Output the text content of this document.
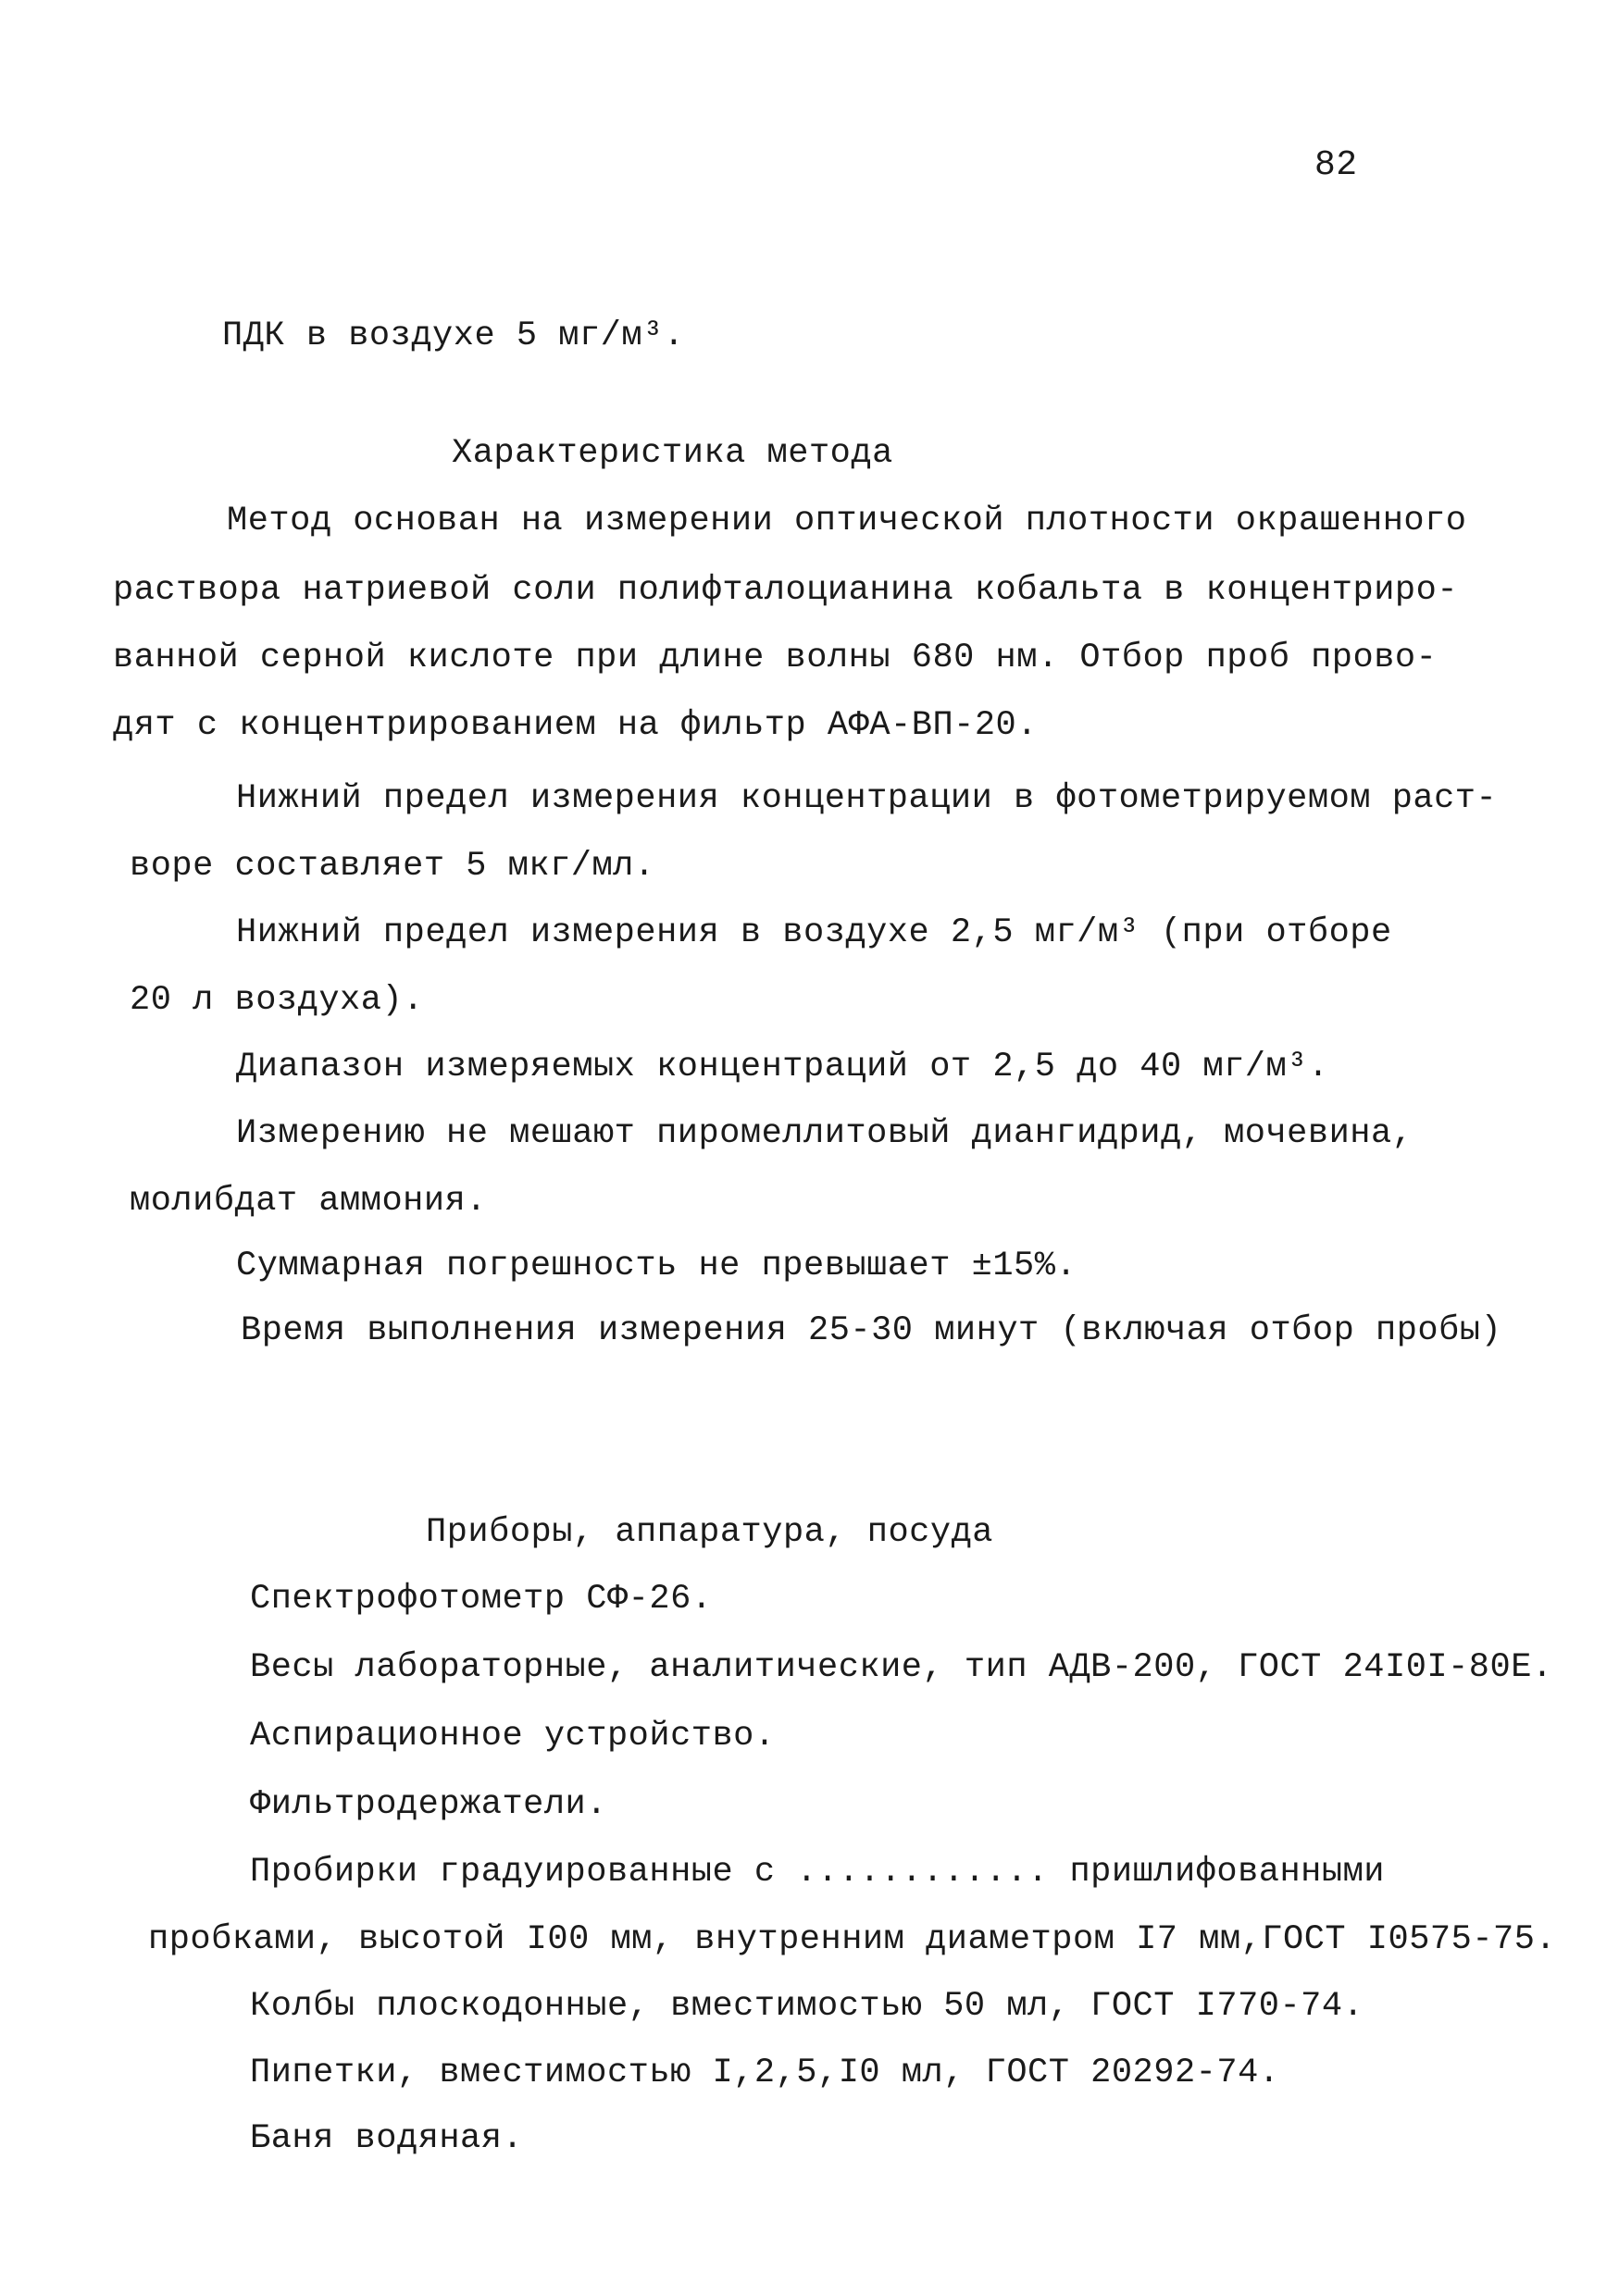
82
ПДК в воздухе 5 мг/м³.
Характеристика метода
Метод основан на измерении оптической плотности окрашенного
раствора натриевой соли полифталоцианина кобальта в концентриро-
ванной серной кислоте при длине волны 680 нм. Отбор проб прово-
дят с концентрированием на фильтр АФА-ВП-20.
Нижний предел измерения концентрации в фотометрируемом раст-
воре составляет 5 мкг/мл.
Нижний предел измерения в воздухе 2,5 мг/м³ (при отборе
20 л воздуха).
Диапазон измеряемых концентраций от 2,5 до 40 мг/м³.
Измерению не мешают пиромеллитовый диангидрид, мочевина,
молибдат аммония.
Суммарная погрешность не превышает ±15%.
Время выполнения измерения 25-30 минут (включая отбор пробы)
Приборы, аппаратура, посуда
Спектрофотометр СФ-26.
Весы лабораторные, аналитические, тип АДВ-200, ГОСТ 24I0I-80Е.
Аспирационное устройство.
Фильтродержатели.
Пробирки градуированные с ............ пришлифованными
пробками, высотой I00 мм, внутренним диаметром I7 мм,ГОСТ I0575-75.
Колбы плоскодонные, вместимостью 50 мл, ГОСТ I770-74.
Пипетки, вместимостью I,2,5,I0 мл, ГОСТ 20292-74.
Баня водяная.
